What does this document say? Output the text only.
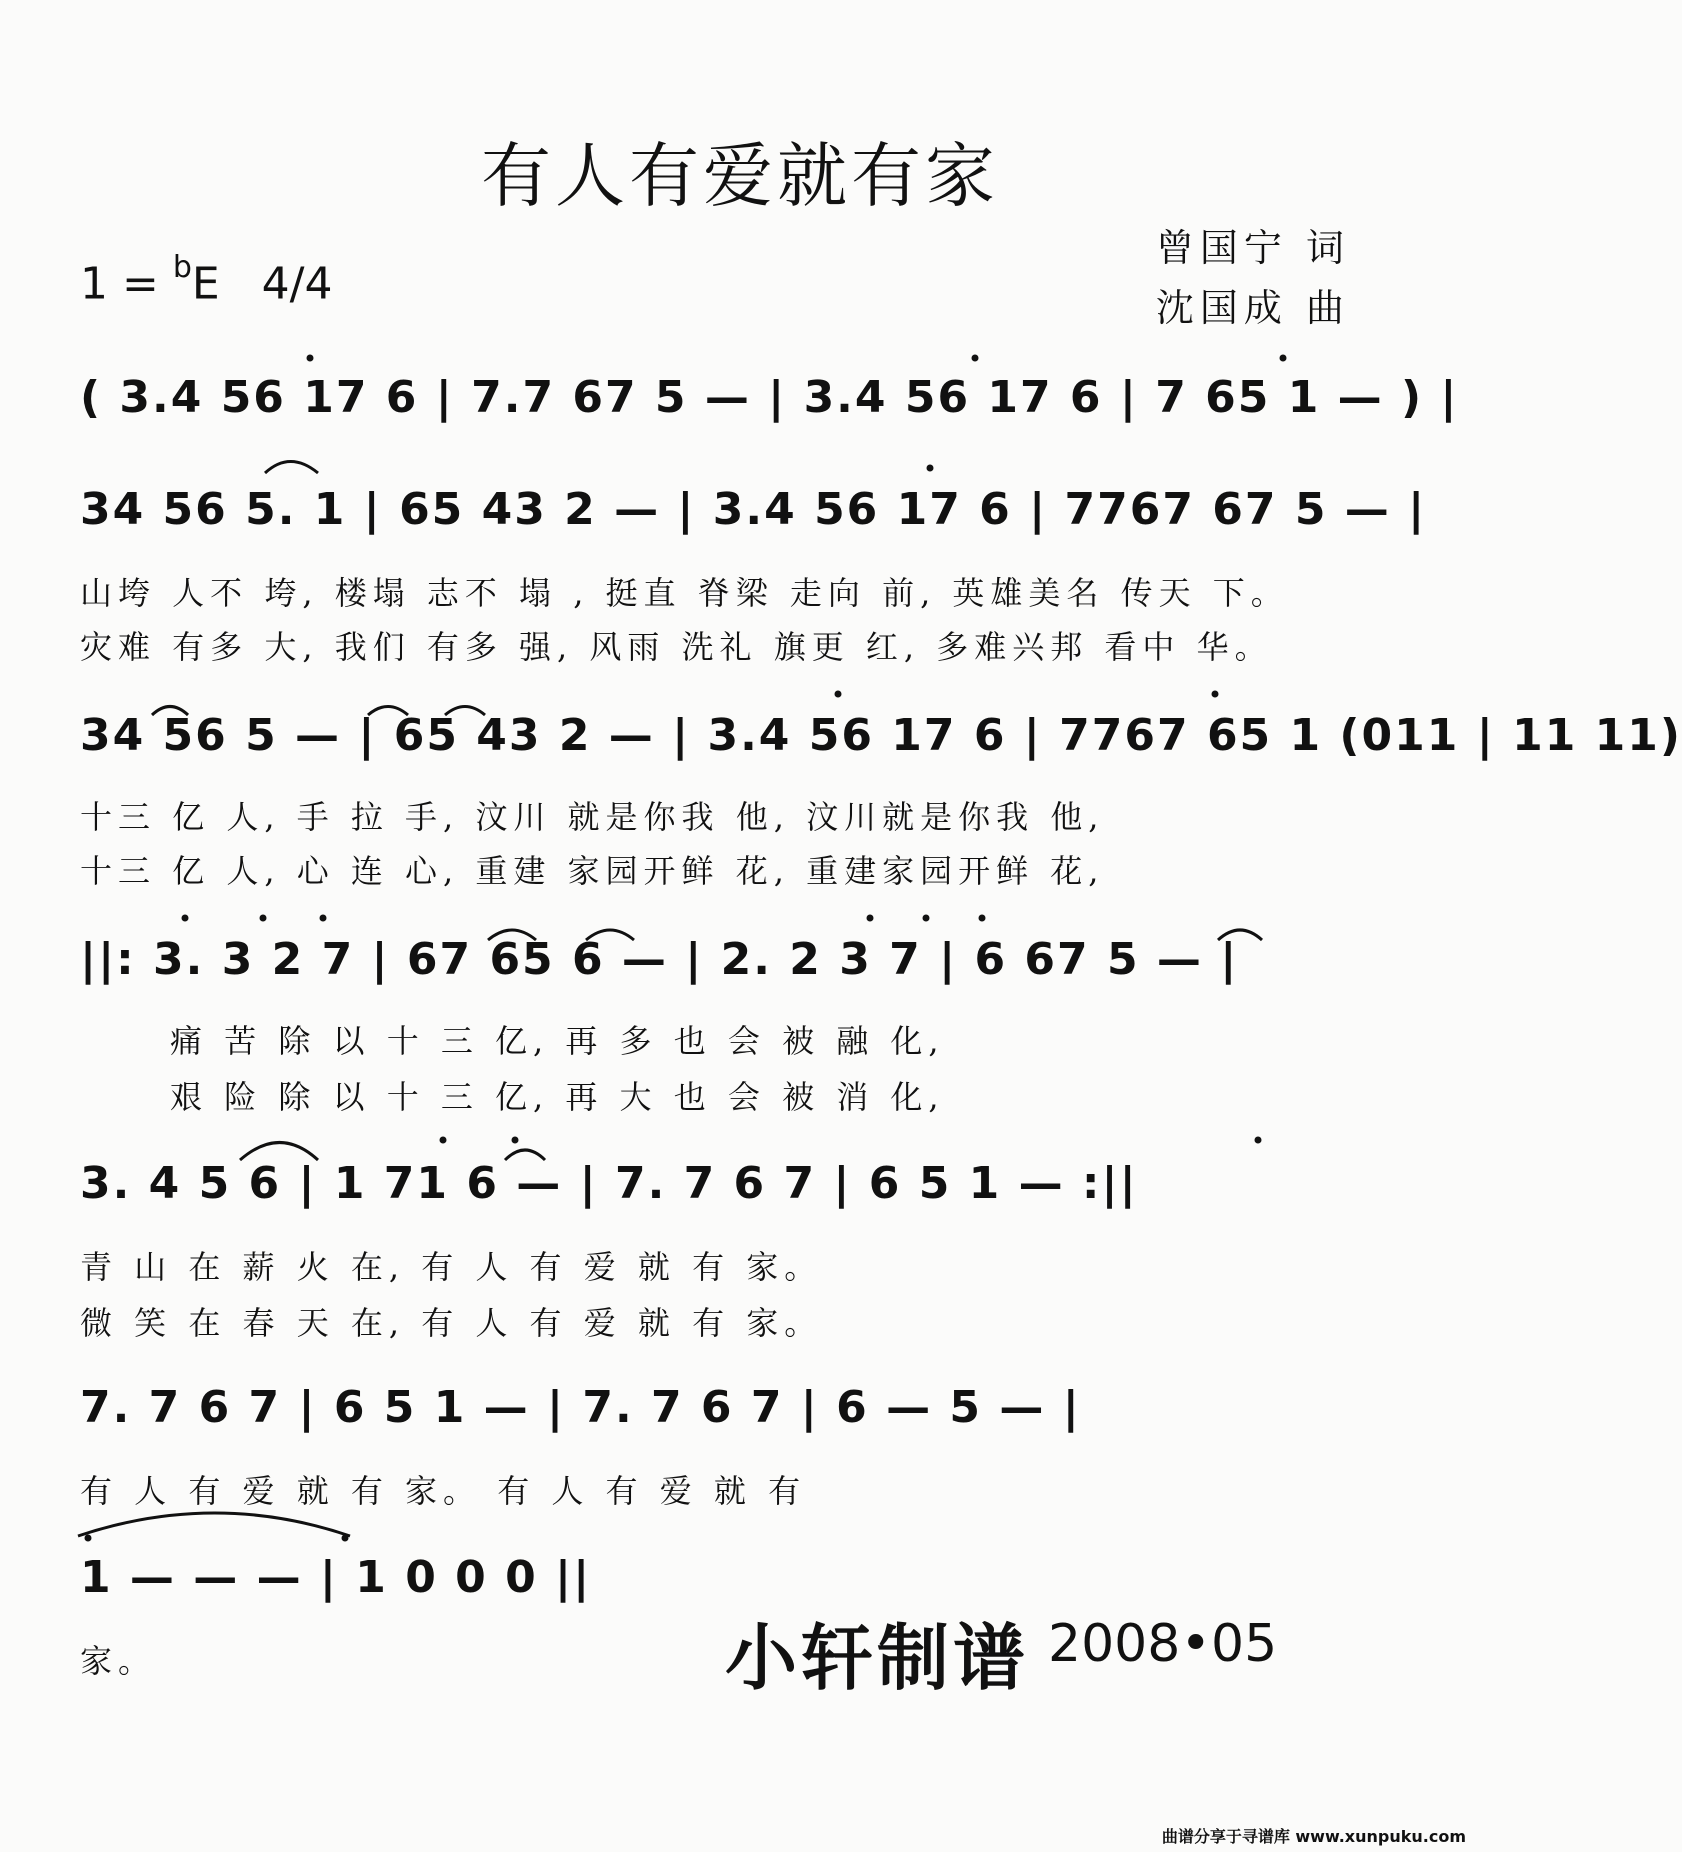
有人有爱就有家
曾国宁 词
沈国成 曲
1 = $^b$E 4/4
( 3.4 56 17 6 | 7.7 67 5 — | 3.4 56 17 6 | 7 65 1 — ) |
34 56 5. 1 | 65 43 2 — | 3.4 56 17 6 | 7767 67 5 — |
山垮 人不 垮, 楼塌 志不 塌 , 挺直 脊梁 走向 前, 英雄美名 传天 下。
灾难 有多 大, 我们 有多 强, 风雨 洗礼 旗更 红, 多难兴邦 看中 华。
34 56 5 — | 65 43 2 — | 3.4 56 17 6 | 7767 65 1 (011 | 11 11)
十三 亿 人, 手 拉 手, 汶川 就是你我 他, 汶川就是你我 他,
十三 亿 人, 心 连 心, 重建 家园开鲜 花, 重建家园开鲜 花,
||: 3. 3 2 7 | 67 65 6 — | 2. 2 3 7 | 6 67 5 — |
痛 苦 除 以 十 三 亿, 再 多 也 会 被 融 化,
艰 险 除 以 十 三 亿, 再 大 也 会 被 消 化,
3. 4 5 6 | 1 71 6 — | 7. 7 6 7 | 6 5 1 — :||
青 山 在 薪 火 在, 有 人 有 爱 就 有 家。
微 笑 在 春 天 在, 有 人 有 爱 就 有 家。
7. 7 6 7 | 6 5 1 — | 7. 7 6 7 | 6 — 5 — |
有 人 有 爱 就 有 家。 有 人 有 爱 就 有
1 — — — | 1 0 0 0 ||
家。	小轩制谱 2008•05
曲谱分享于寻谱库 www.xunpuku.com
